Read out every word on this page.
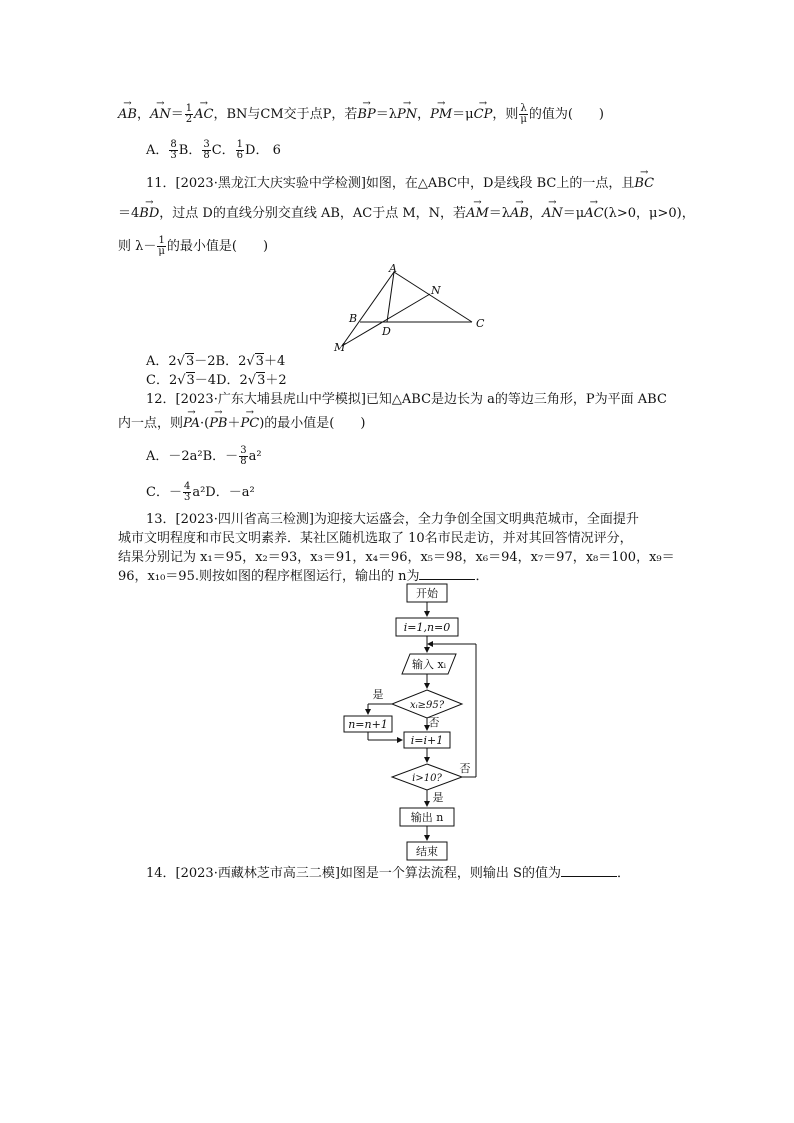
→ AB，→ $AN= \frac{1}{2}$
→ AC，BN与CM交于点P，若→ BP＝λ→ PN，→ PM＝μ→ CP，则 $\frac{\lambda}{\mu}$ 的值为(　　)
A． $\frac{8}{3}$ B． $\frac{3}{8}$ C． $\frac{1}{6}$ D． 6
11．[2023·黑龙江大庆实验中学检测]如图，在△ABC中，D是线段 BC上的一点，且→ BC
＝4→ BD，过点 D的直线分别交直线 AB，AC于点 M，N，若→ AM＝λ→ AB，→ AN＝μ→ AC(λ>0，μ>0)，
则 $\lambda- \frac{1}{\mu}$ 的最小值是(　　)
A
N
B
D
C
M
A．2√3－2B．2√3＋4
C．2√3－4D．2√3＋2
12．[2023·广东大埔县虎山中学模拟]已知△ABC是边长为 a的等边三角形，P为平面 ABC
内一点，则→ PA·(→ PB＋→ PC)的最小值是(　　)
A．－2a²B．－ $\frac{3}{8} a^2$
C．－ $\frac{4}{3} a^2D$．－a²
13．[2023·四川省高三检测]为迎接大运盛会，全力争创全国文明典范城市，全面提升
城市文明程度和市民文明素养．某社区随机选取了 10名市民走访，并对其回答情况评分，
结果分别记为 x₁＝95，x₂＝93，x₃＝91，x₄＝96，x₅＝98，x₆＝94，x₇＝97，x₈＝100，x₉＝
96，x₁₀＝95.则按如图的程序框图运行，输出的 n为	．
开始
i=1,n=0
输入 xᵢ
xᵢ≥95?
是
否
n=n+1
i=i+1
i>10?
否
是
输出 n
结束
14．[2023·西藏林芝市高三二模]如图是一个算法流程，则输出 S的值为	．
